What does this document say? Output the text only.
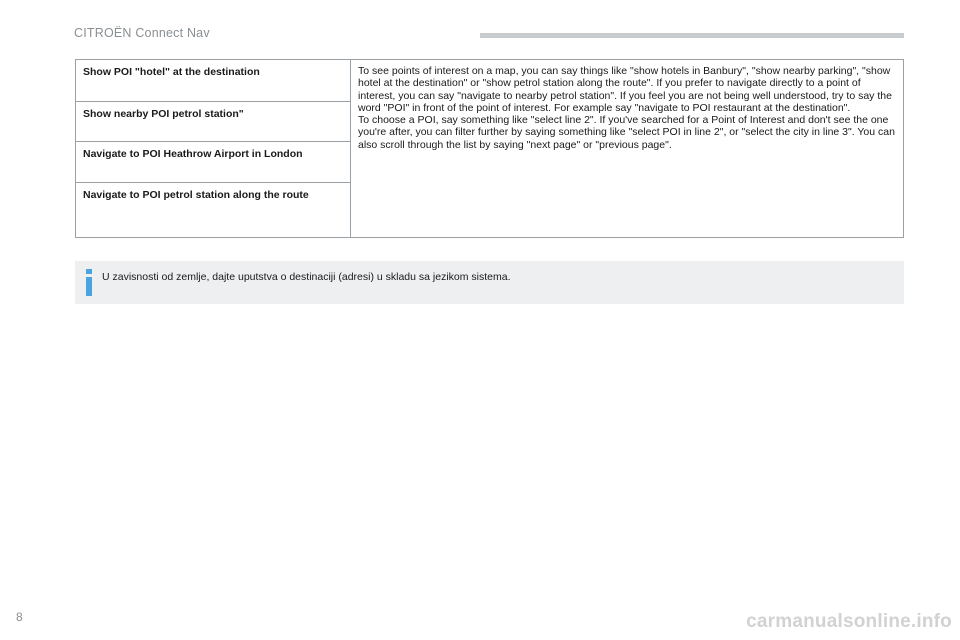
CITROËN Connect Nav
Show POI "hotel" at the destination
Show nearby POI petrol station"
Navigate to POI Heathrow Airport in London
Navigate to POI petrol station along the route

To see points of interest on a map, you can say things like "show hotels in Banbury", "show nearby parking", "show hotel at the destination" or "show petrol station along the route". If you prefer to navigate directly to a point of interest, you can say "navigate to nearby petrol station". If you feel you are not being well understood, try to say the word "POI" in front of the point of interest. For example say "navigate to POI restaurant at the destination".

To choose a POI, say something like "select line 2". If you've searched for a Point of Interest and don't see the one you're after, you can filter further by saying something like "select POI in line 2", or "select the city in line 3". You can also scroll through the list by saying "next page" or "previous page".

U zavisnosti od zemlje, dajte uputstva o destinaciji (adresi) u skladu sa jezikom sistema.
8	carmanualsonline.info
